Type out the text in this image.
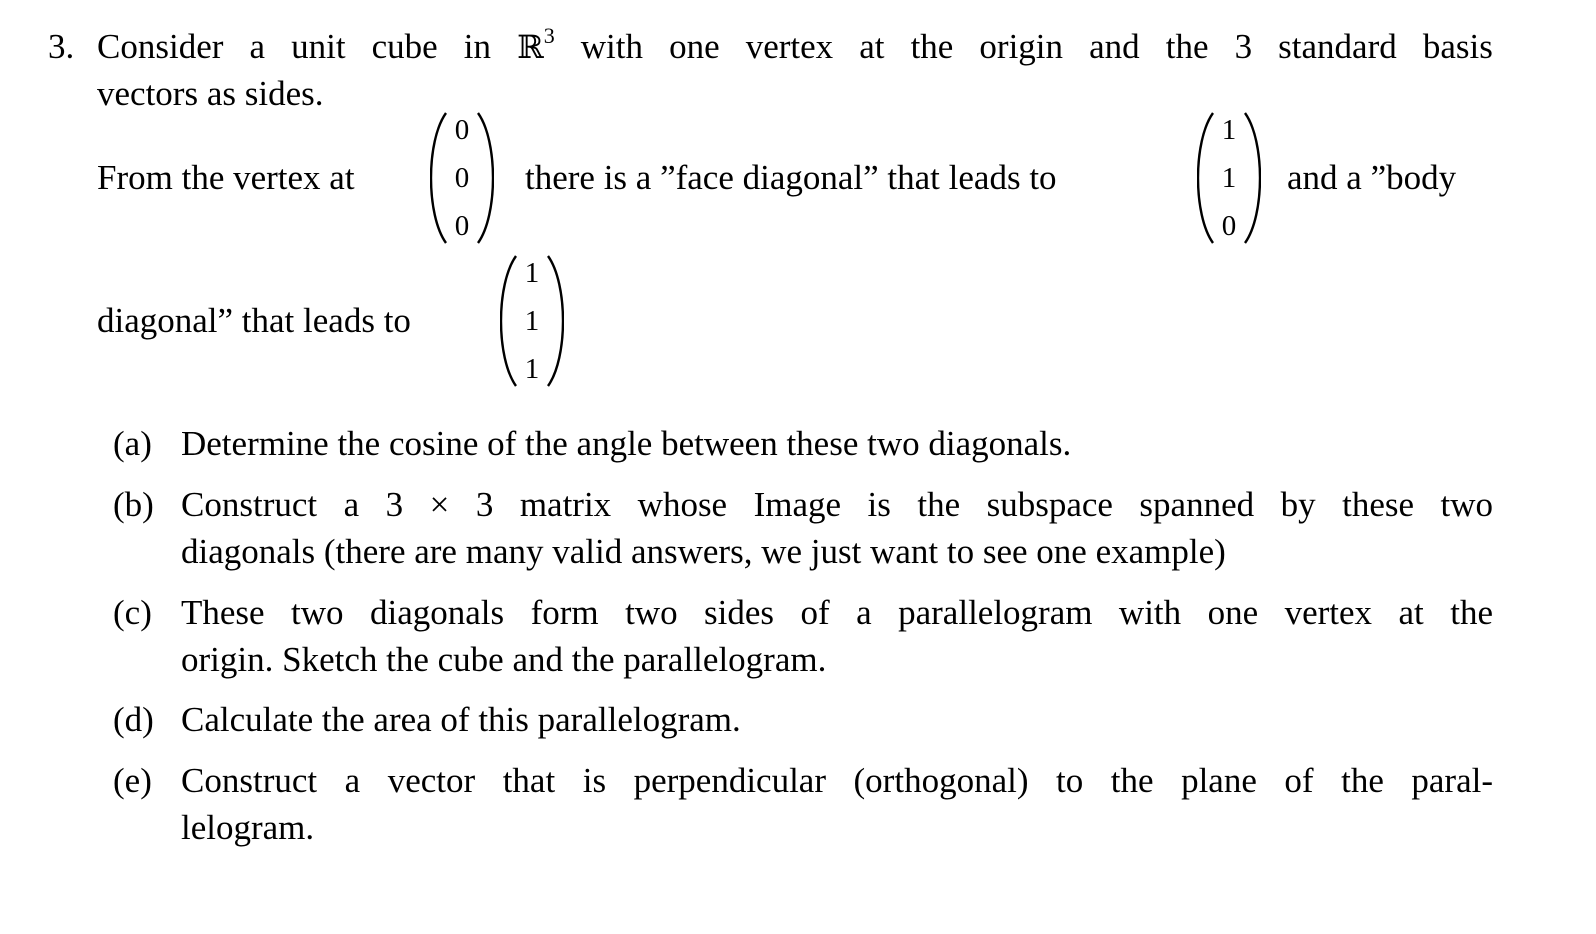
3. Consider a unit cube in ℝ$^3$ with one vertex at the origin and the 3 standard basis
vectors as sides.
From the vertex at
0
0
0
there is a ”face diagonal” that leads to
1
1
0
and a ”body
diagonal” that leads to
1
1
1
(a) Determine the cosine of the angle between these two diagonals.
(b) Construct a 3 × 3 matrix whose Image is the subspace spanned by these two
diagonals (there are many valid answers, we just want to see one example)
(c) These two diagonals form two sides of a parallelogram with one vertex at the
origin. Sketch the cube and the parallelogram.
(d) Calculate the area of this parallelogram.
(e) Construct a vector that is perpendicular (orthogonal) to the plane of the paral-
lelogram.
